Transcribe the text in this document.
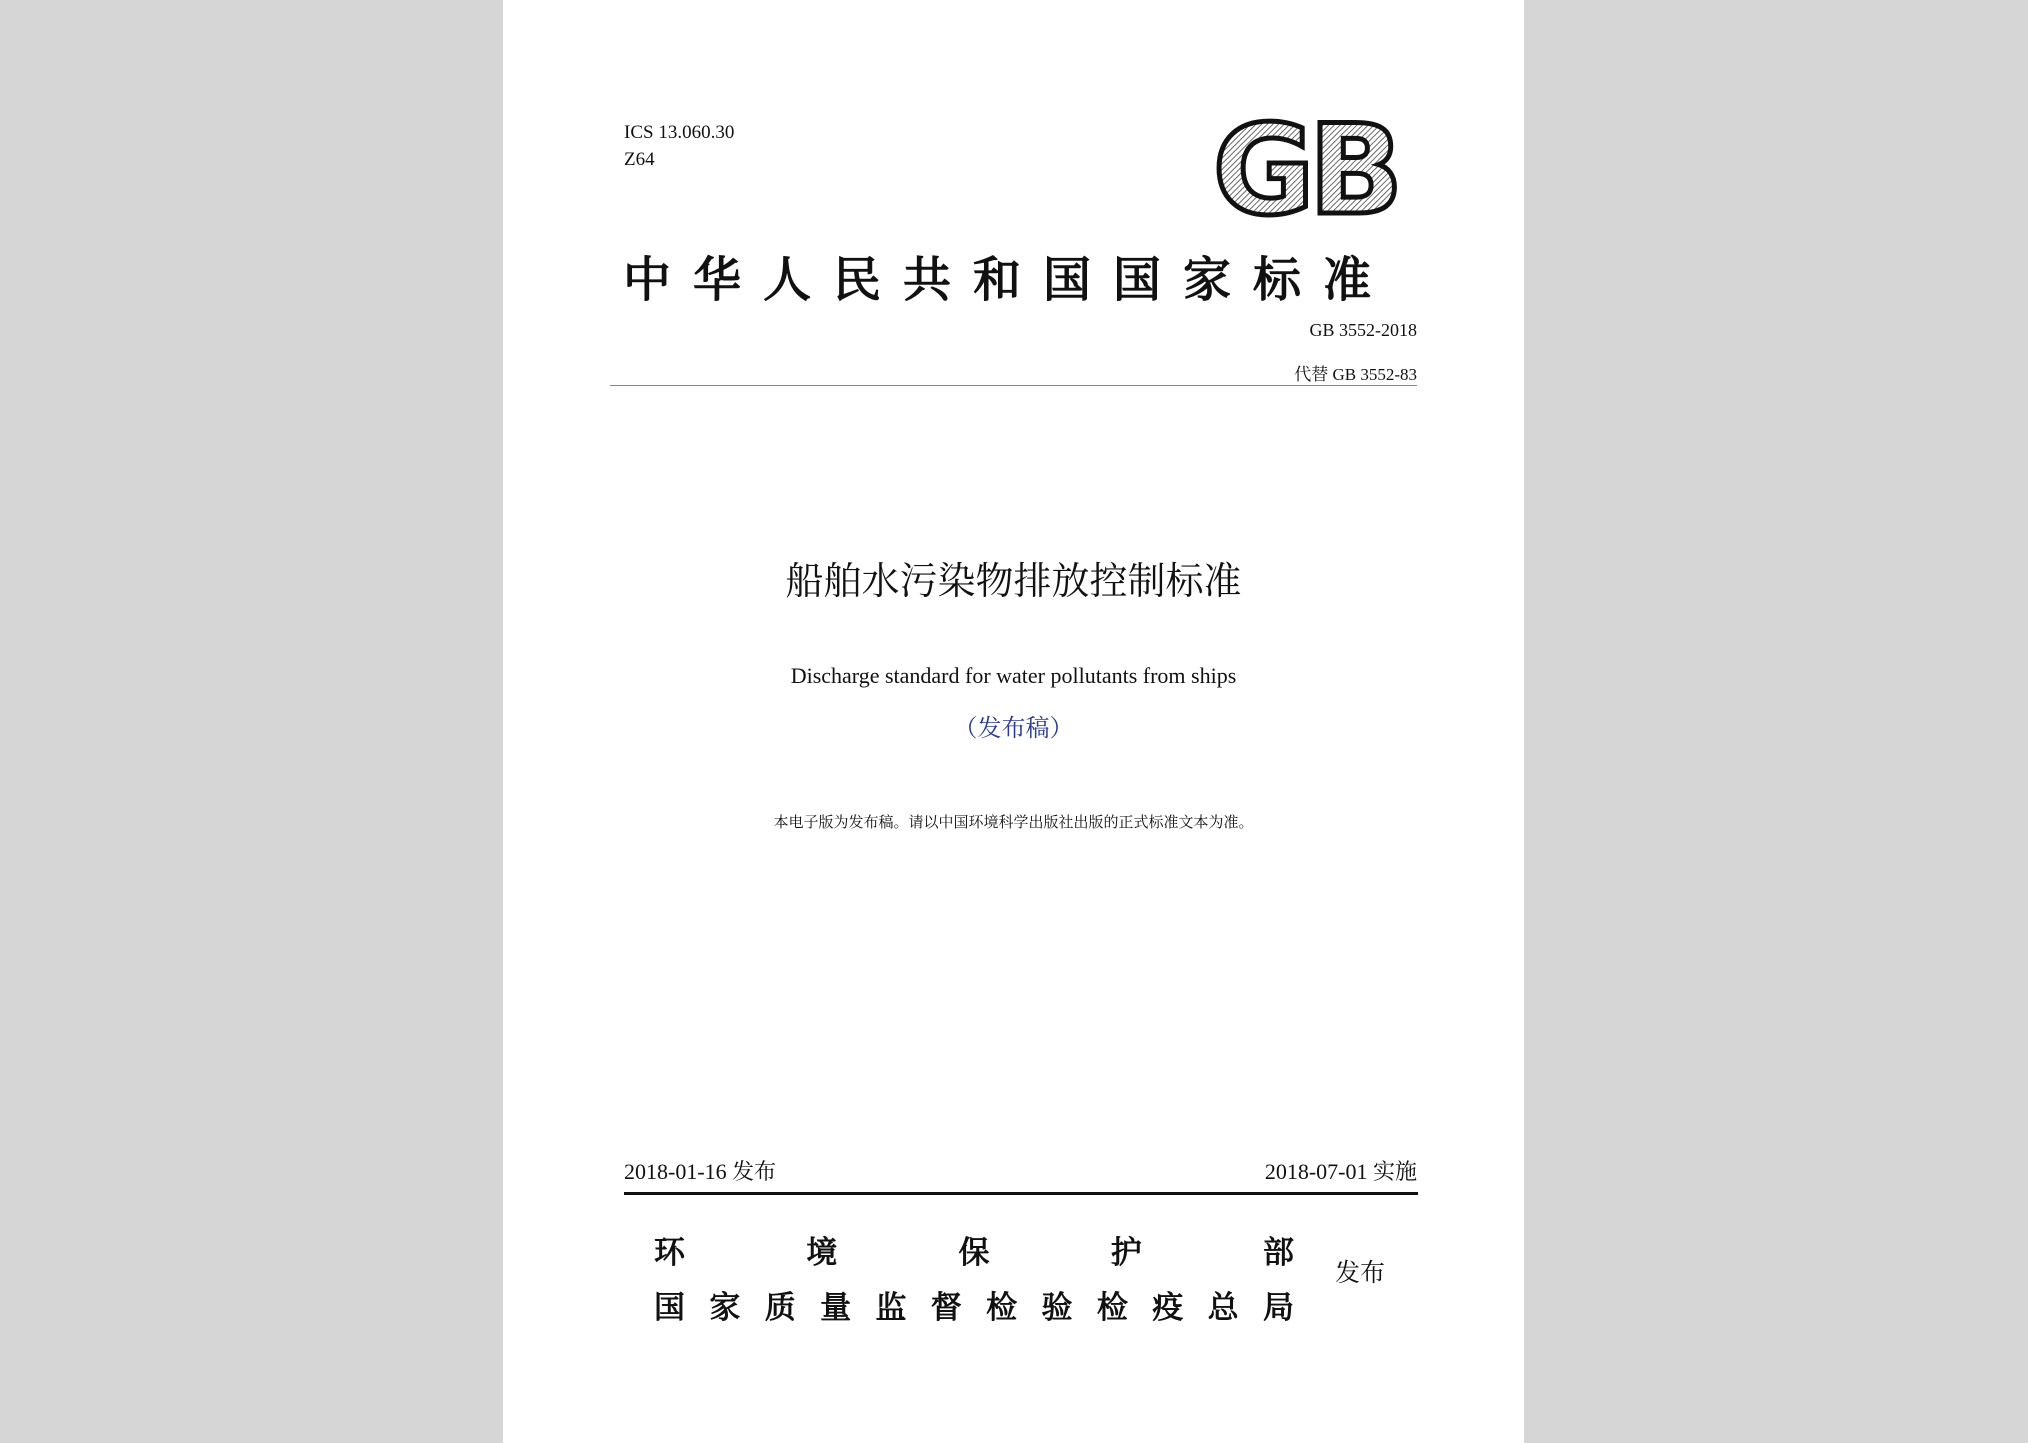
ICS 13.060.30
Z64	GB
中华人民共和国国家标准
GB 3552-2018
代替 GB 3552-83
船舶水污染物排放控制标准
Discharge standard for water pollutants from ships
（发布稿）
本电子版为发布稿。请以中国环境科学出版社出版的正式标准文本为准。
2018-01-16 发布	2018-07-01 实施
环	境	保	护	部
国 家 质 量 监 督 检 验 检 疫 总 局
发布
